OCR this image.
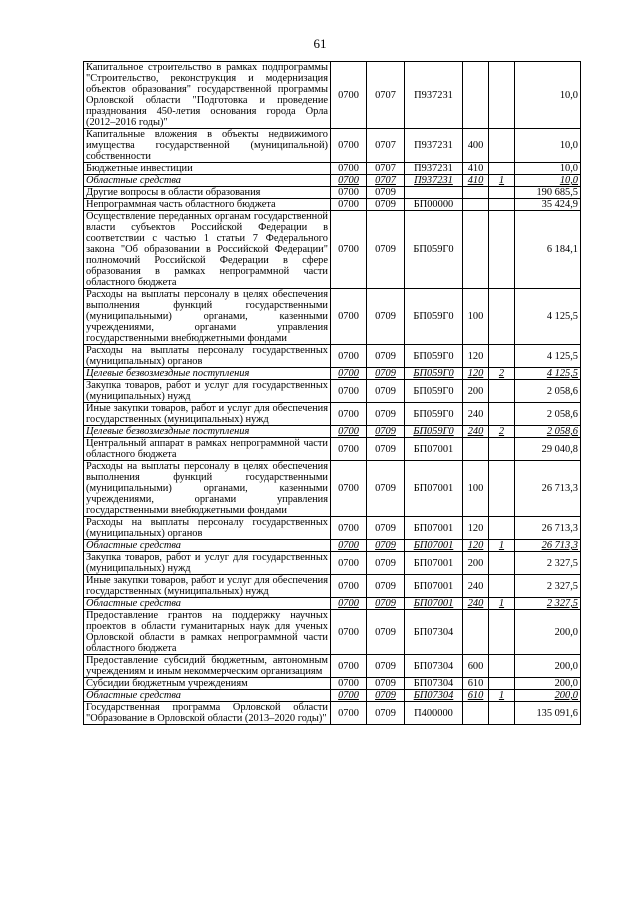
61
Капитальное строительство в рамках подпрограммы "Строительство, реконструкция и модернизация объектов образования" государственной программы Орловской области "Подготовка и проведение празднования 450-летия основания города Орла (2012–2016 годы)"	0700	0707	П937231			10,0
Капитальные вложения в объекты недвижимого имущества государственной (муниципальной) собственности	0700	0707	П937231	400		10,0
Бюджетные инвестиции	0700	0707	П937231	410		10,0
Областные средства	0700	0707	П937231	410	1	10,0
Другие вопросы в области образования	0700	0709				190 685,5
Непрограммная часть областного бюджета	0700	0709	БП00000			35 424,9
Осуществление переданных органам государственной власти субъектов Российской Федерации в соответствии с частью 1 статьи 7 Федерального закона "Об образовании в Российской Федерации" полномочий Российской Федерации в сфере образования в рамках непрограммной части областного бюджета	0700	0709	БП059Г0			6 184,1
Расходы на выплаты персоналу в целях обеспечения выполнения функций государственными (муниципальными) органами, казенными учреждениями, органами управления государственными внебюджетными фондами	0700	0709	БП059Г0	100		4 125,5
Расходы на выплаты персоналу государственных (муниципальных) органов	0700	0709	БП059Г0	120		4 125,5
Целевые безвозмездные поступления	0700	0709	БП059Г0	120	2	4 125,5
Закупка товаров, работ и услуг для государственных (муниципальных) нужд	0700	0709	БП059Г0	200		2 058,6
Иные закупки товаров, работ и услуг для обеспечения государственных (муниципальных) нужд	0700	0709	БП059Г0	240		2 058,6
Целевые безвозмездные поступления	0700	0709	БП059Г0	240	2	2 058,6
Центральный аппарат в рамках непрограммной части областного бюджета	0700	0709	БП07001			29 040,8
Расходы на выплаты персоналу в целях обеспечения выполнения функций государственными (муниципальными) органами, казенными учреждениями, органами управления государственными внебюджетными фондами	0700	0709	БП07001	100		26 713,3
Расходы на выплаты персоналу государственных (муниципальных) органов	0700	0709	БП07001	120		26 713,3
Областные средства	0700	0709	БП07001	120	1	26 713,3
Закупка товаров, работ и услуг для государственных (муниципальных) нужд	0700	0709	БП07001	200		2 327,5
Иные закупки товаров, работ и услуг для обеспечения государственных (муниципальных) нужд	0700	0709	БП07001	240		2 327,5
Областные средства	0700	0709	БП07001	240	1	2 327,5
Предоставление грантов на поддержку научных проектов в области гуманитарных наук для ученых Орловской области в рамках непрограммной части областного бюджета	0700	0709	БП07304			200,0
Предоставление субсидий бюджетным, автономным учреждениям и иным некоммерческим организациям	0700	0709	БП07304	600		200,0
Субсидии бюджетным учреждениям	0700	0709	БП07304	610		200,0
Областные средства	0700	0709	БП07304	610	1	200,0
Государственная программа Орловской области "Образование в Орловской области (2013–2020 годы)"	0700	0709	П400000			135 091,6
